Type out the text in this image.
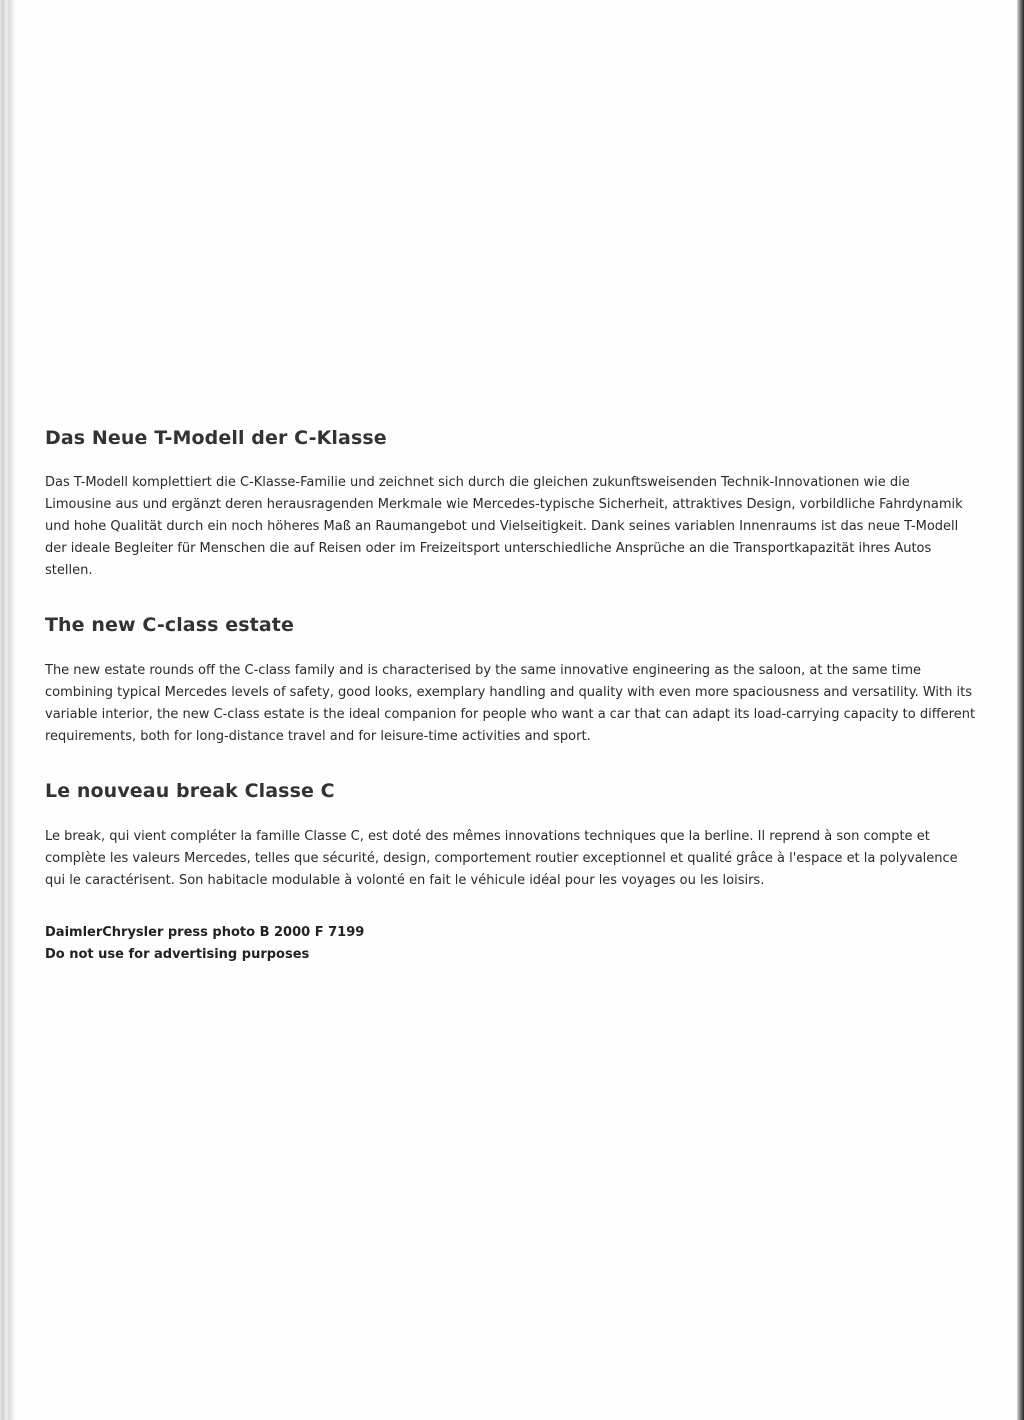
Das Neue T-Modell der C-Klasse

Das T-Modell komplettiert die C-Klasse-Familie und zeichnet sich durch die gleichen zukunftsweisenden Technik-Innovationen wie die Limousine aus und ergänzt deren herausragenden Merkmale wie Mercedes-typische Sicherheit, attraktives Design, vorbildliche Fahrdynamik und hohe Qualität durch ein noch höheres Maß an Raumangebot und Vielseitigkeit. Dank seines variablen Innenraums ist das neue T-Modell der ideale Begleiter für Menschen die auf Reisen oder im Freizeitsport unterschiedliche Ansprüche an die Transportkapazität ihres Autos stellen.

The new C-class estate

The new estate rounds off the C-class family and is characterised by the same innovative engineering as the saloon, at the same time combining typical Mercedes levels of safety, good looks, exemplary handling and quality with even more spaciousness and versatility. With its variable interior, the new C-class estate is the ideal companion for people who want a car that can adapt its load-carrying capacity to different requirements, both for long-distance travel and for leisure-time activities and sport.

Le nouveau break Classe C

Le break, qui vient compléter la famille Classe C, est doté des mêmes innovations techniques que la berline. Il reprend à son compte et complète les valeurs Mercedes, telles que sécurité, design, comportement routier exceptionnel et qualité grâce à l'espace et la polyvalence qui le caractérisent. Son habitacle modulable à volonté en fait le véhicule idéal pour les voyages ou les loisirs.

DaimlerChrysler press photo B 2000 F 7199
Do not use for advertising purposes
